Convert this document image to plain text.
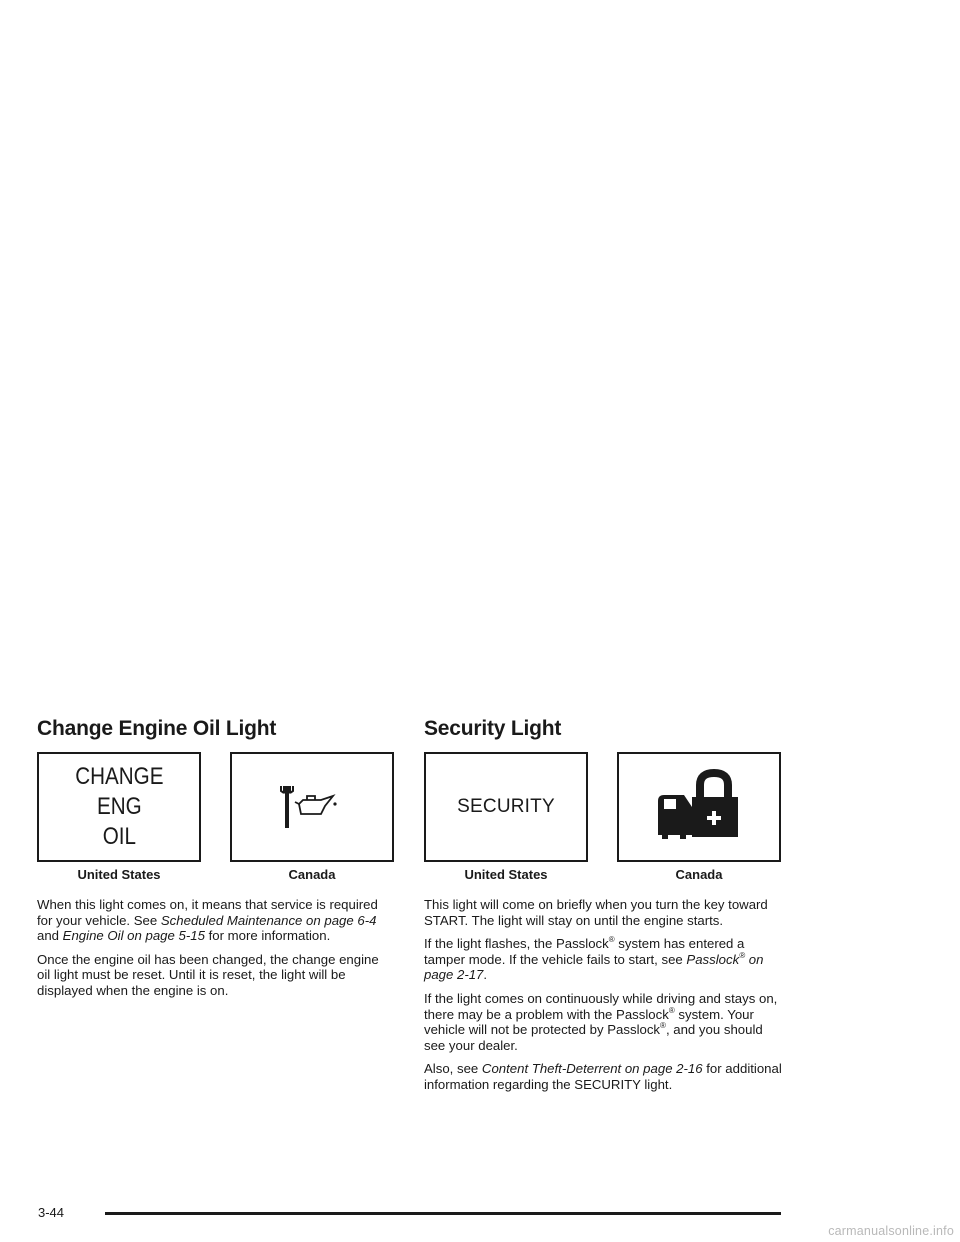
Change Engine Oil Light
CHANGE
ENG
OIL
United States	Canada

When this light comes on, it means that service is required for your vehicle. See Scheduled Maintenance on page 6-4 and Engine Oil on page 5-15 for more information.

Once the engine oil has been changed, the change engine oil light must be reset. Until it is reset, the light will be displayed when the engine is on.

Security Light
SECURITY
United States	Canada

This light will come on briefly when you turn the key toward START. The light will stay on until the engine starts.

If the light flashes, the Passlock® system has entered a tamper mode. If the vehicle fails to start, see Passlock® on page 2-17.

If the light comes on continuously while driving and stays on, there may be a problem with the Passlock® system. Your vehicle will not be protected by Passlock®, and you should see your dealer.

Also, see Content Theft-Deterrent on page 2-16 for additional information regarding the SECURITY light.

3-44
carmanualsonline.info
